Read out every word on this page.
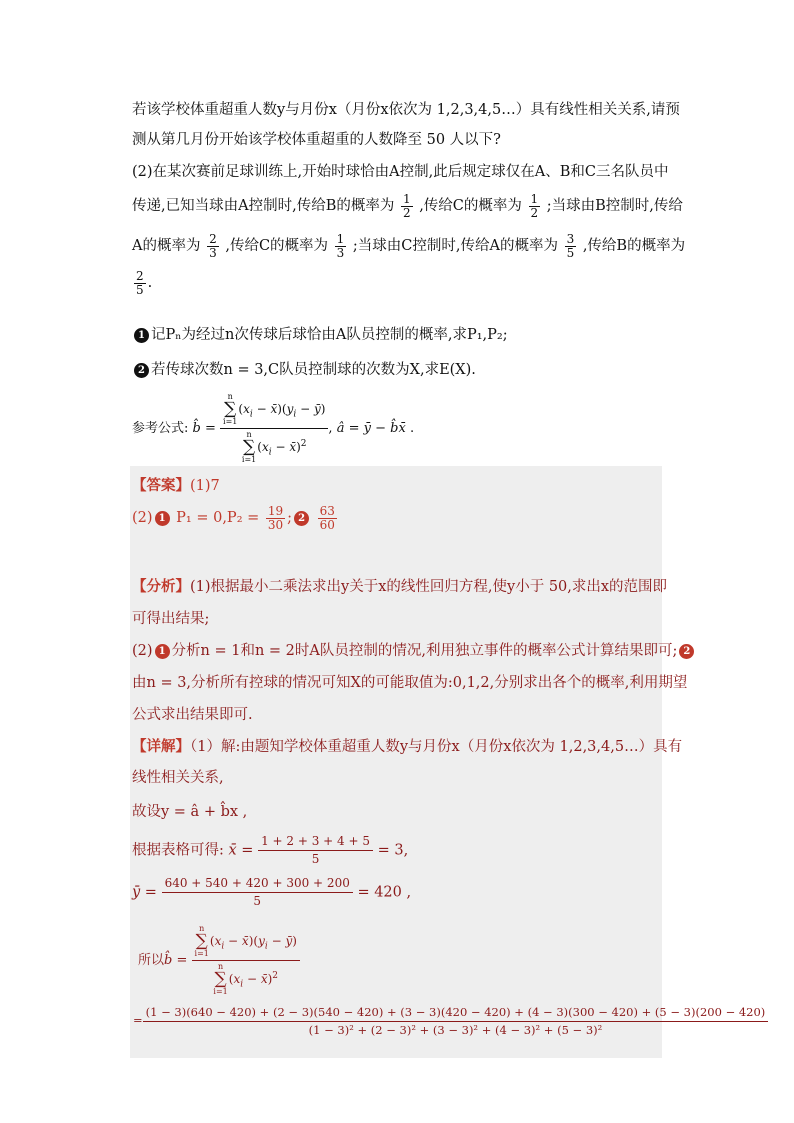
若该学校体重超重人数y与月份x（月份x依次为 1,2,3,4,5…）具有线性相关关系,请预
测从第几月份开始该学校体重超重的人数降至 50 人以下?
(2)在某次赛前足球训练上,开始时球恰由A控制,此后规定球仅在A、B和C三名队员中
传递,已知当球由A控制时,传给B的概率为 $\frac{1}{2}$ ,传给C的概率为 $\frac{1}{2}$ ;当球由B控制时,传给
A的概率为 $\frac{2}{3}$ ,传给C的概率为 $\frac{1}{3}$ ;当球由C控制时,传给A的概率为 $\frac{3}{5}$ ,传给B的概率为
$\frac{2}{5}$ .
1 记Pₙ为经过n次传球后球恰由A队员控制的概率,求P₁,P₂;
2 若传球次数n = 3,C队员控制球的次数为X,求E(X).
参考公式: b̂ = n
∑
i=1
($x_i$ − $x̄)(y_i$ − ȳ)
n
∑
i=1
($x_i$ − x̄)$^2$ , â = ȳ − b̂x̄ .
【答案】(1)7
(2) 1 $P_1 = 0,P_2 = \frac{19}{30}$ ; $2 \frac{63}{60}$
【分析】(1)根据最小二乘法求出y关于x的线性回归方程,使y小于 50,求出x的范围即
可得出结果;
(2) 1 分析n = 1和n = 2时A队员控制的情况,利用独立事件的概率公式计算结果即可; 2
由n = 3,分析所有控球的情况可知X的可能取值为:0,1,2,分别求出各个的概率,利用期望
公式求出结果即可.
【详解】（1）解:由题知学校体重超重人数y与月份x（月份x依次为 1,2,3,4,5…）具有
线性相关关系,
故设y = â + b̂x ,
根据表格可得: x̄ = $\frac{1 + 2 + 3 + 4 + 5}{5} = 3$,
ȳ = $\frac{640 + 540 + 420 + 300 + 200}{5} = 420$ ,
所以b̂ = n
∑
i=1
($x_i$ − $x̄)(y_i$ − ȳ)
n
∑
i=1
($x_i$ − x̄)$^2$
=
(1 − 3)(640 − 420) + (2 − 3)(540 − 420) + (3 − 3)(420 − 420) + (4 − 3)(300 − 420) + (5 − 3)(200 − 420)
(1 − 3)² + (2 − 3)² + (3 − 3)² + (4 − 3)² + (5 − 3)²
